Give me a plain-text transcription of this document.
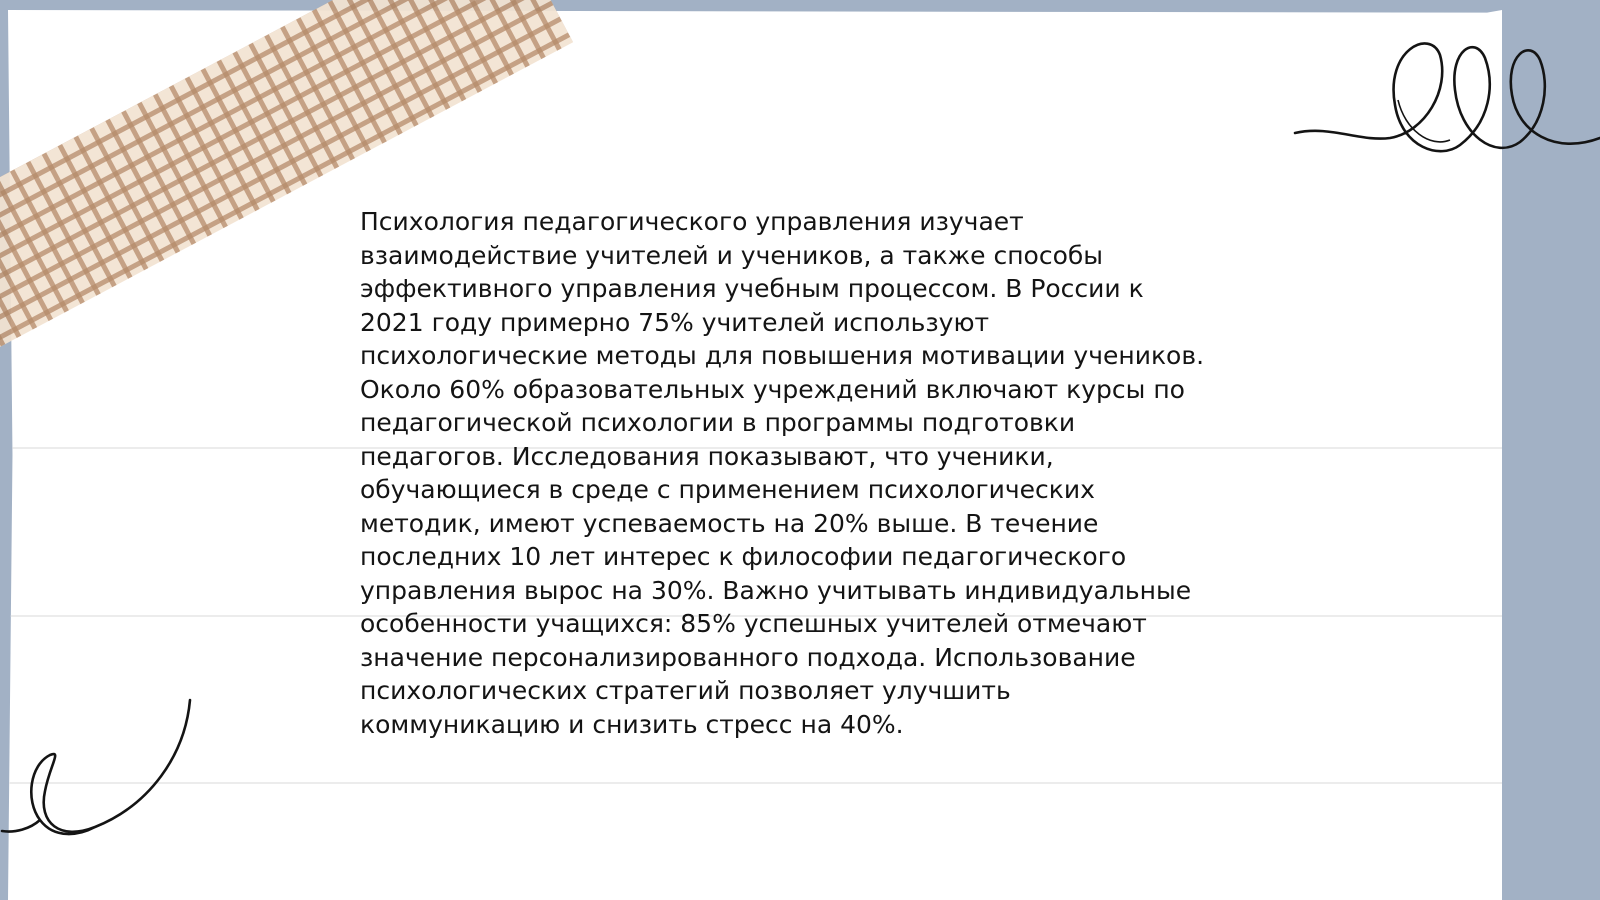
Психология педагогического управления изучает
взаимодействие учителей и учеников, а также способы
эффективного управления учебным процессом. В России к
2021 году примерно 75% учителей используют
психологические методы для повышения мотивации учеников.
Около 60% образовательных учреждений включают курсы по
педагогической психологии в программы подготовки
педагогов. Исследования показывают, что ученики,
обучающиеся в среде с применением психологических
методик, имеют успеваемость на 20% выше. В течение
последних 10 лет интерес к философии педагогического
управления вырос на 30%. Важно учитывать индивидуальные
особенности учащихся: 85% успешных учителей отмечают
значение персонализированного подхода. Использование
психологических стратегий позволяет улучшить
коммуникацию и снизить стресс на 40%.
